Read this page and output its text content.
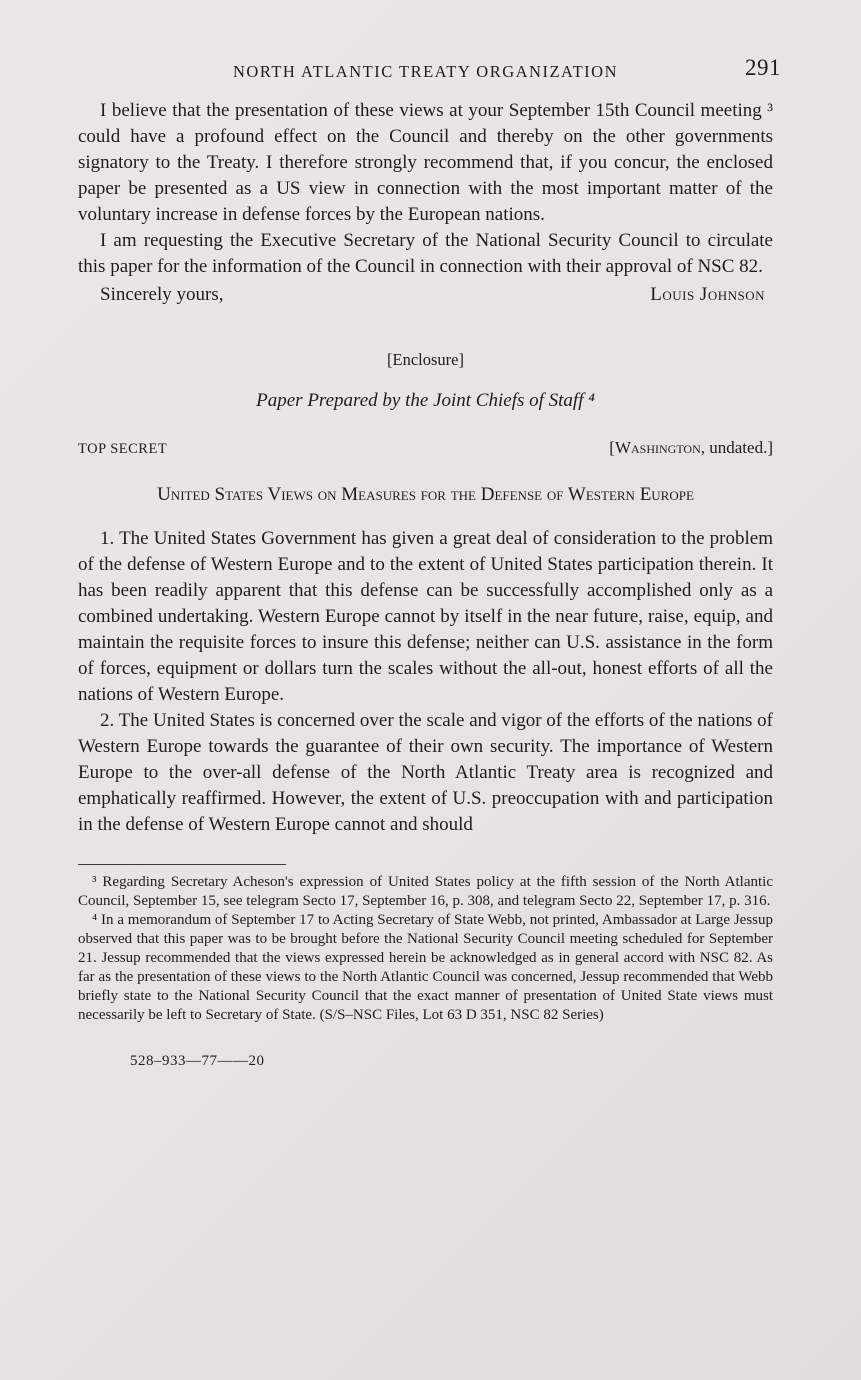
NORTH ATLANTIC TREATY ORGANIZATION	291

I believe that the presentation of these views at your September 15th Council meeting ³ could have a profound effect on the Council and thereby on the other governments signatory to the Treaty. I therefore strongly recommend that, if you concur, the enclosed paper be presented as a US view in connection with the most important matter of the voluntary increase in defense forces by the European nations.

I am requesting the Executive Secretary of the National Security Council to circulate this paper for the information of the Council in connection with their approval of NSC 82.

Sincerely yours,	Louis Johnson
[Enclosure]
Paper Prepared by the Joint Chiefs of Staff ⁴
TOP SECRET	[Washington, undated.]
United States Views on Measures for the Defense of Western Europe

1. The United States Government has given a great deal of consideration to the problem of the defense of Western Europe and to the extent of United States participation therein. It has been readily apparent that this defense can be successfully accomplished only as a combined undertaking. Western Europe cannot by itself in the near future, raise, equip, and maintain the requisite forces to insure this defense; neither can U.S. assistance in the form of forces, equipment or dollars turn the scales without the all-out, honest efforts of all the nations of Western Europe.

2. The United States is concerned over the scale and vigor of the efforts of the nations of Western Europe towards the guarantee of their own security. The importance of Western Europe to the over-all defense of the North Atlantic Treaty area is recognized and emphatically reaffirmed. However, the extent of U.S. preoccupation with and participation in the defense of Western Europe cannot and should

³ Regarding Secretary Acheson's expression of United States policy at the fifth session of the North Atlantic Council, September 15, see telegram Secto 17, September 16, p. 308, and telegram Secto 22, September 17, p. 316.

⁴ In a memorandum of September 17 to Acting Secretary of State Webb, not printed, Ambassador at Large Jessup observed that this paper was to be brought before the National Security Council meeting scheduled for September 21. Jessup recommended that the views expressed herein be acknowledged as in general accord with NSC 82. As far as the presentation of these views to the North Atlantic Council was concerned, Jessup recommended that Webb briefly state to the National Security Council that the exact manner of presentation of United State views must necessarily be left to Secretary of State. (S/S–NSC Files, Lot 63 D 351, NSC 82 Series)

528–933—77——20
